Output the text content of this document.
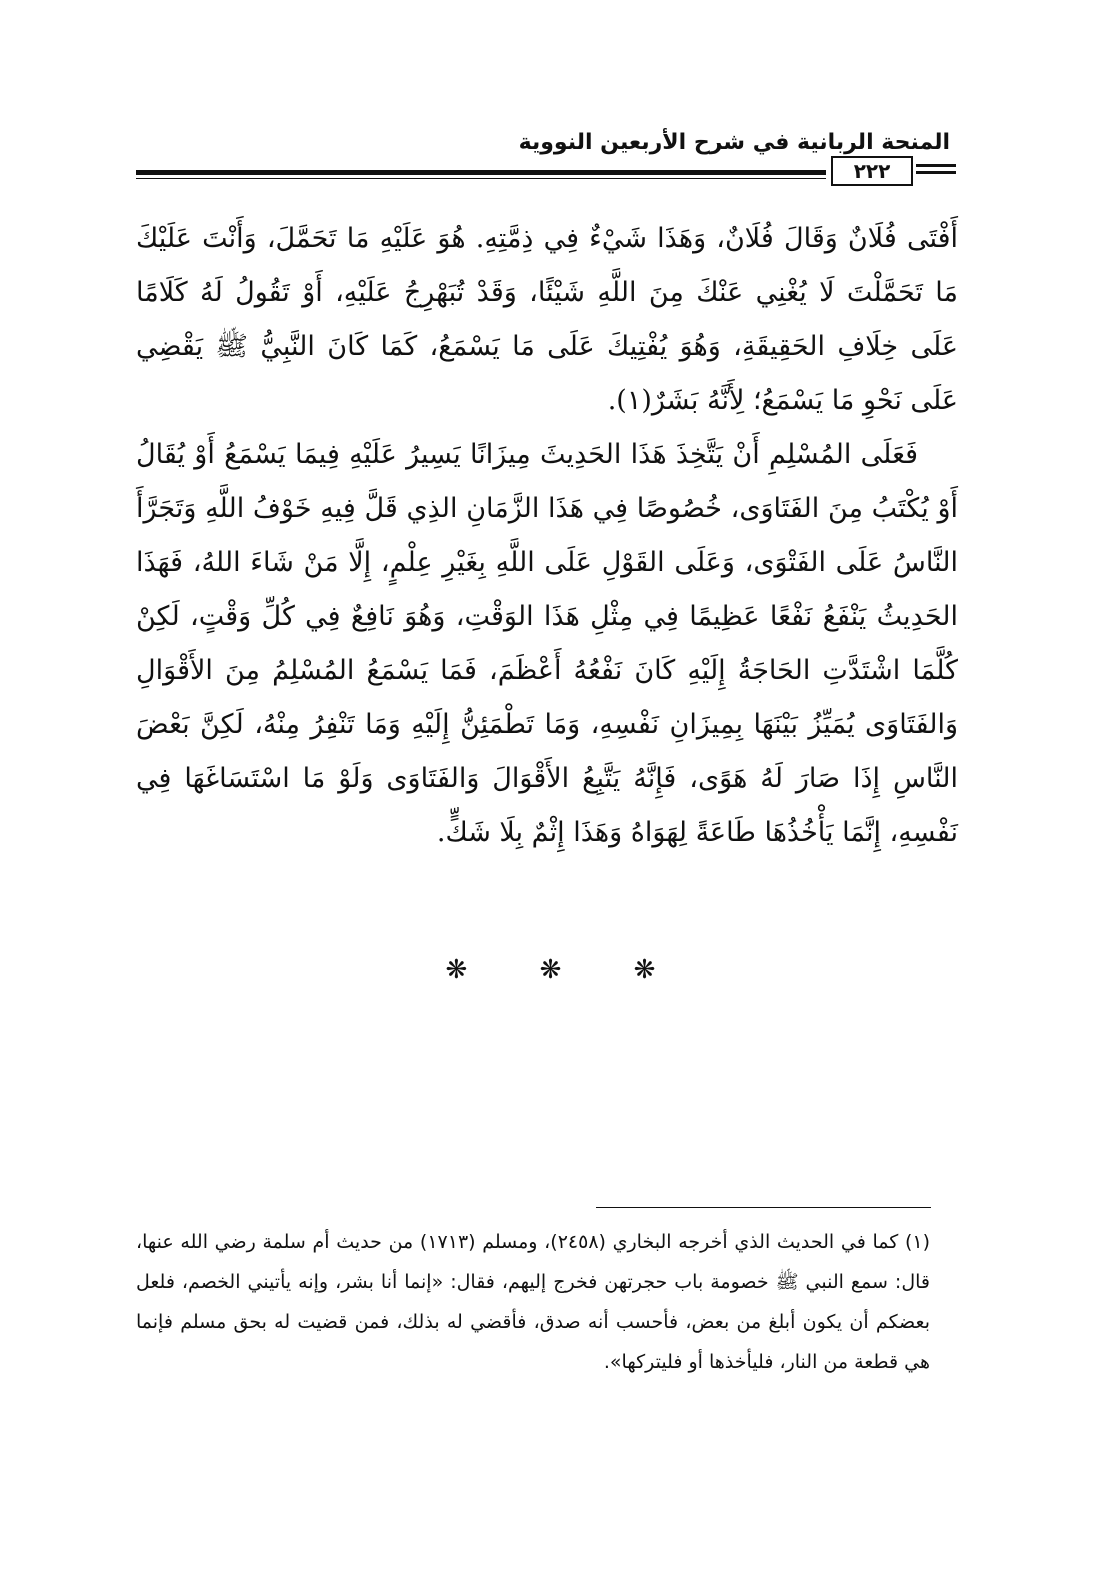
المنحة الربانية في شرح الأربعين النووية
٢٢٢

أَفْتَى فُلَانٌ وَقَالَ فُلَانٌ، وَهَذَا شَيْءٌ فِي ذِمَّتِهِ. هُوَ عَلَيْهِ مَا تَحَمَّلَ، وَأَنْتَ عَلَيْكَ مَا تَحَمَّلْتَ لَا يُغْنِي عَنْكَ مِنَ اللَّهِ شَيْئًا، وَقَدْ تُبَهْرِجُ عَلَيْهِ، أَوْ تَقُولُ لَهُ كَلَامًا عَلَى خِلَافِ الحَقِيقَةِ، وَهُوَ يُفْتِيكَ عَلَى مَا يَسْمَعُ، كَمَا كَانَ النَّبِيُّ ﷺ يَقْضِي عَلَى نَحْوِ مَا يَسْمَعُ؛ لِأَنَّهُ بَشَرٌ(١).

فَعَلَى المُسْلِمِ أَنْ يَتَّخِذَ هَذَا الحَدِيثَ مِيزَانًا يَسِيرُ عَلَيْهِ فِيمَا يَسْمَعُ أَوْ يُقَالُ أَوْ يُكْتَبُ مِنَ الفَتَاوَى، خُصُوصًا فِي هَذَا الزَّمَانِ الذِي قَلَّ فِيهِ خَوْفُ اللَّهِ وَتَجَرَّأَ النَّاسُ عَلَى الفَتْوَى، وَعَلَى القَوْلِ عَلَى اللَّهِ بِغَيْرِ عِلْمٍ، إِلَّا مَنْ شَاءَ اللهُ، فَهَذَا الحَدِيثُ يَنْفَعُ نَفْعًا عَظِيمًا فِي مِثْلِ هَذَا الوَقْتِ، وَهُوَ نَافِعٌ فِي كُلِّ وَقْتٍ، لَكِنْ كُلَّمَا اشْتَدَّتِ الحَاجَةُ إِلَيْهِ كَانَ نَفْعُهُ أَعْظَمَ، فَمَا يَسْمَعُ المُسْلِمُ مِنَ الأَقْوَالِ وَالفَتَاوَى يُمَيِّزُ بَيْنَهَا بِمِيزَانِ نَفْسِهِ، وَمَا تَطْمَئِنُّ إِلَيْهِ وَمَا تَنْفِرُ مِنْهُ، لَكِنَّ بَعْضَ النَّاسِ إِذَا صَارَ لَهُ هَوًى، فَإِنَّهُ يَتَّبِعُ الأَقْوَالَ وَالفَتَاوَى وَلَوْ مَا اسْتَسَاغَهَا فِي نَفْسِهِ، إِنَّمَا يَأْخُذُهَا طَاعَةً لِهَوَاهُ وَهَذَا إِثْمٌ بِلَا شَكٍّ.

❋	❋	❋

(١) كما في الحديث الذي أخرجه البخاري (٢٤٥٨)، ومسلم (١٧١٣) من حديث أم سلمة رضي الله عنها، قال: سمع النبي ﷺ خصومة باب حجرتهن فخرج إليهم، فقال: «إنما أنا بشر، وإنه يأتيني الخصم، فلعل بعضكم أن يكون أبلغ من بعض، فأحسب أنه صدق، فأقضي له بذلك، فمن قضيت له بحق مسلم فإنما هي قطعة من النار، فليأخذها أو فليتركها».
